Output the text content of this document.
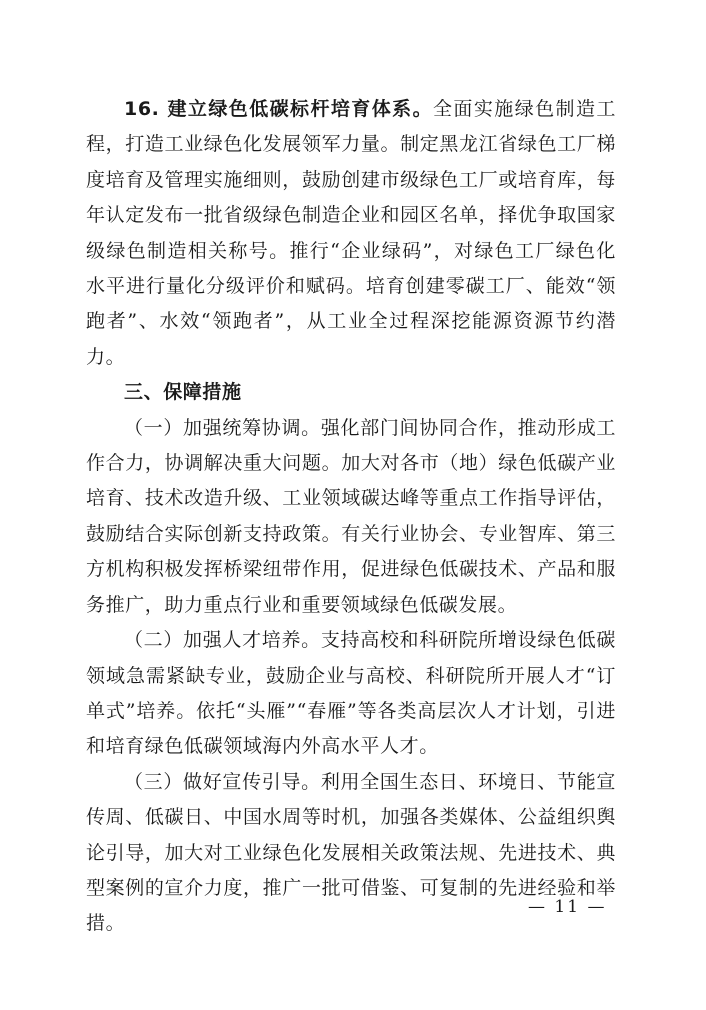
16. 建立绿色低碳标杆培育体系。全面实施绿色制造工程，打造工业绿色化发展领军力量。制定黑龙江省绿色工厂梯度培育及管理实施细则，鼓励创建市级绿色工厂或培育库，每年认定发布一批省级绿色制造企业和园区名单，择优争取国家级绿色制造相关称号。推行“企业绿码”，对绿色工厂绿色化水平进行量化分级评价和赋码。培育创建零碳工厂、能效“领跑者”、水效“领跑者”，从工业全过程深挖能源资源节约潜力。

三、保障措施

（一）加强统筹协调。强化部门间协同合作，推动形成工作合力，协调解决重大问题。加大对各市（地）绿色低碳产业培育、技术改造升级、工业领域碳达峰等重点工作指导评估，鼓励结合实际创新支持政策。有关行业协会、专业智库、第三方机构积极发挥桥梁纽带作用，促进绿色低碳技术、产品和服务推广，助力重点行业和重要领域绿色低碳发展。

（二）加强人才培养。支持高校和科研院所增设绿色低碳领域急需紧缺专业，鼓励企业与高校、科研院所开展人才“订单式”培养。依托“头雁”“春雁”等各类高层次人才计划，引进和培育绿色低碳领域海内外高水平人才。

（三）做好宣传引导。利用全国生态日、环境日、节能宣传周、低碳日、中国水周等时机，加强各类媒体、公益组织舆论引导，加大对工业绿色化发展相关政策法规、先进技术、典型案例的宣介力度，推广一批可借鉴、可复制的先进经验和举措。

— 11 —
